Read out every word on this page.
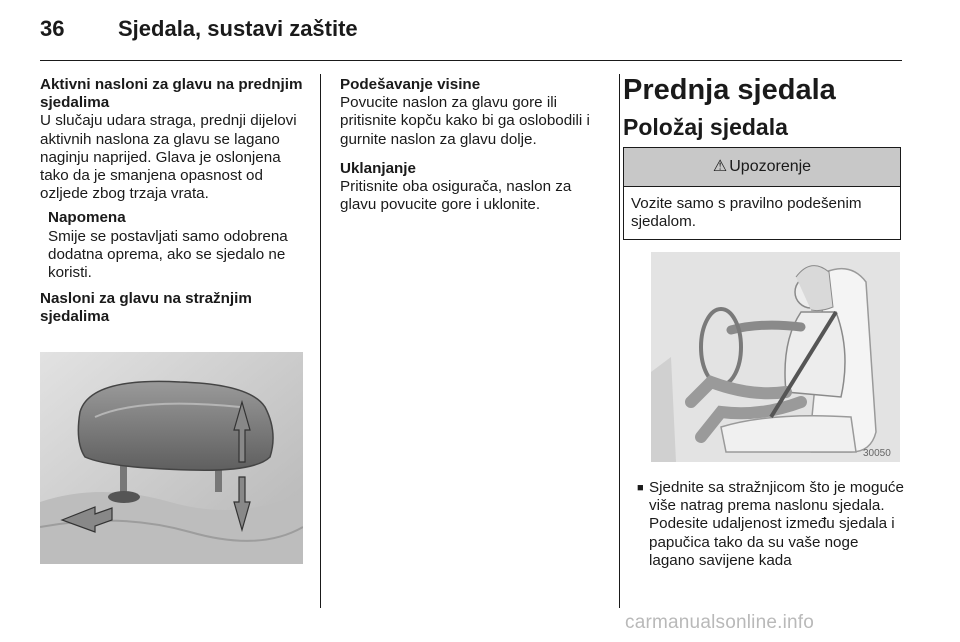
36	Sjedala, sustavi zaštite
Aktivni nasloni za glavu na prednjim sjedalima

U slučaju udara straga, prednji dijelovi aktivnih naslona za glavu se lagano naginju naprijed. Glava je oslonjena tako da je smanjena opasnost od ozljede zbog trzaja vrata.

Napomena

Smije se postavljati samo odobrena dodatna oprema, ako se sjedalo ne koristi.

Nasloni za glavu na stražnjim sjedalima
Podešavanje visine

Povucite naslon za glavu gore ili pritisnite kopču kako bi ga oslobodili i gurnite naslon za glavu dolje.

Uklanjanje

Pritisnite oba osigurača, naslon za glavu povucite gore i uklonite.

Prednja sjedala
Položaj sjedala
⚠ Upozorenje
Vozite samo s pravilno podešenim sjedalom.
30050
■ Sjednite sa stražnjicom što je moguće više natrag prema naslonu sjedala. Podesite udaljenost između sjedala i papučica tako da su vaše noge lagano savijene kada
carmanualsonline.info
